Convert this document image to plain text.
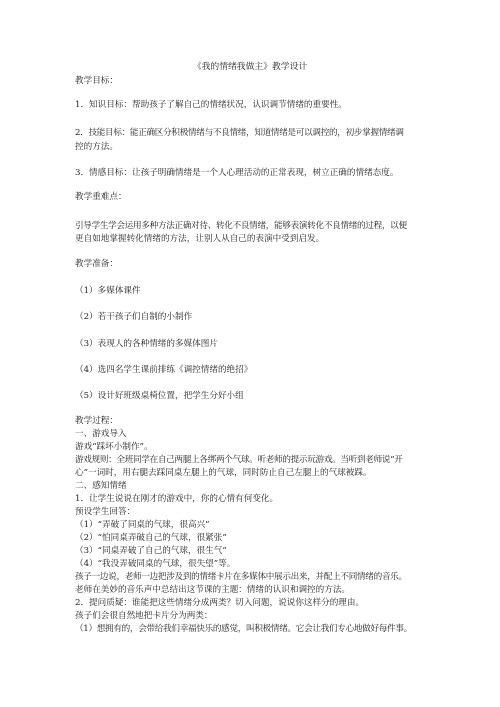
《我的情绪我做主》教学设计

教学目标：

1．知识目标：帮助孩子了解自己的情绪状况，认识调节情绪的重要性。

2．技能目标：能正确区分积极情绪与不良情绪，知道情绪是可以调控的，初步掌握情绪调

控的方法。

3．情感目标：让孩子明确情绪是一个人心理活动的正常表现，树立正确的情绪态度。

教学重难点：

引导学生学会运用多种方法正确对待、转化不良情绪，能够表演转化不良情绪的过程，以便

更自如地掌握转化情绪的方法，让别人从自己的表演中受到启发。

教学准备：

（1）多媒体课件

（2）若干孩子们自制的小制作

（3）表现人的各种情绪的多媒体图片

（4）选四名学生课前排练《调控情绪的绝招》

（5）设计好班级桌椅位置，把学生分好小组

教学过程：

一、游戏导入

游戏“踩坏小制作”。

游戏规则：全班同学在自己两腿上各绑两个气球。听老师的提示玩游戏。当听到老师说“开

心”一词时，用右腿去踩同桌左腿上的气球，同时防止自己左腿上的气球被踩。

二、感知情绪

1．让学生说说在刚才的游戏中，你的心情有何变化。

预设学生回答：

（1）“弄破了同桌的气球，很高兴”

（2）“怕同桌弄破自己的气球，很紧张”

（3）“同桌弄破了自己的气球，很生气”

（4）“我没弄破同桌的气球，很失望”等。

孩子一边说，老师一边把涉及到的情绪卡片在多媒体中展示出来，并配上不同情绪的音乐。

老师在美妙的音乐声中总结出这节课的主题：情绪的认识和调控的方法。

2．提问质疑：谁能把这些情绪分成两类？切入问题，说说你这样分的理由。

孩子们会很自然地把卡片分为两类：

（1）想拥有的，会带给我们幸福快乐的感觉，叫积极情绪。它会让我们专心地做好每件事。
